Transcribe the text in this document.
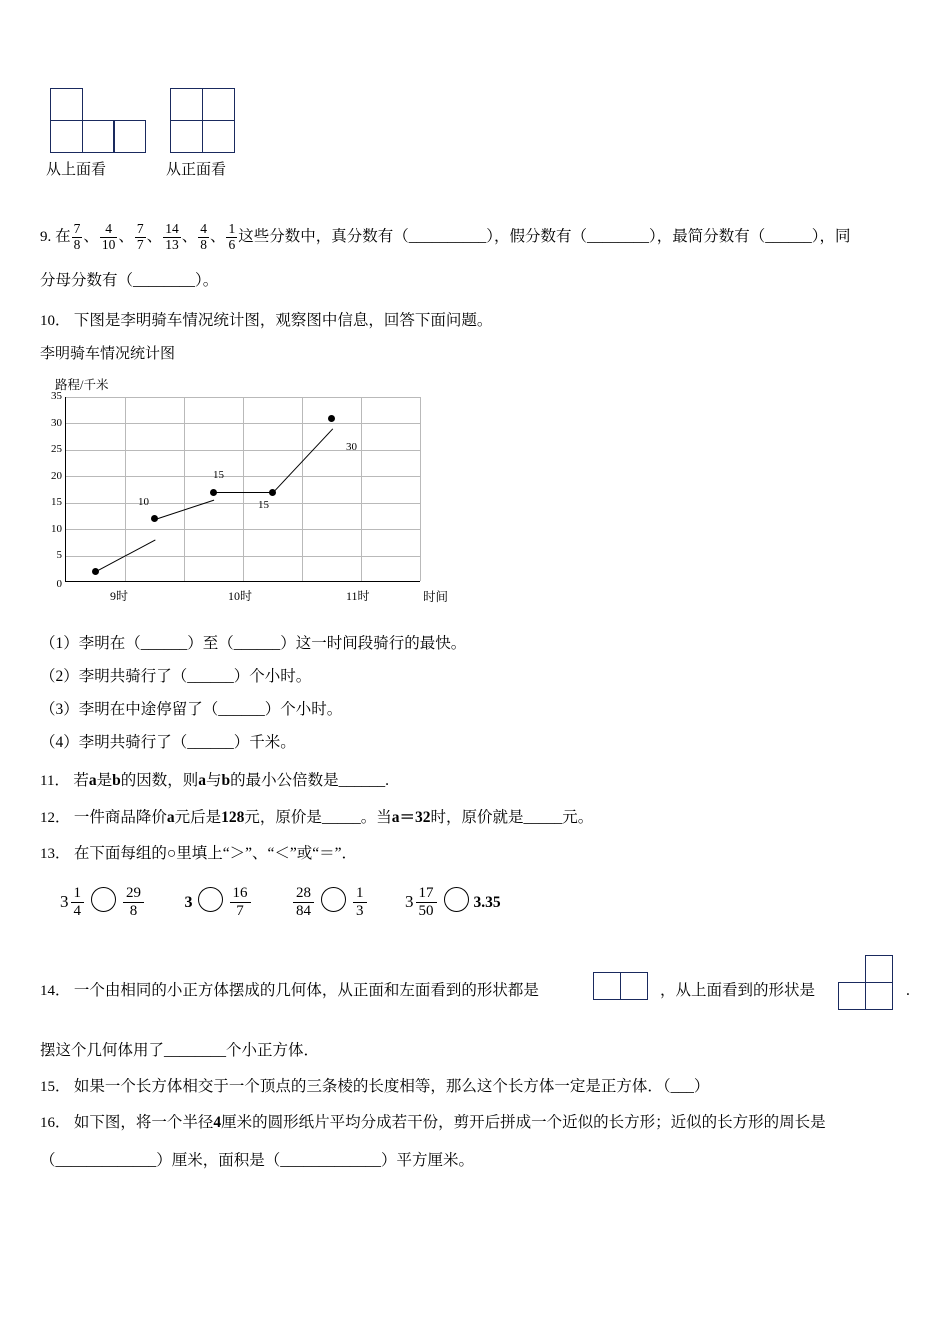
从上面看	从正面看
9. 在 $\frac{7}{8}$ 、 $\frac{4}{10}$ 、 $\frac{7}{7}$ 、 $\frac{14}{13}$ 、 $\frac{4}{8}$ 、 $\frac{1}{6}$ 这些分数中，真分数有（__________），假分数有（________），最简分数有（______），同
分母分数有（________）。
10． 下图是李明骑车情况统计图，观察图中信息，回答下面问题。
李明骑车情况统计图
路程/千米
10
15
15
30
35
30
25
20
15
10
5
0
9时	10时	11时	时间
（1）李明在（______）至（______）这一时间段骑行的最快。
（2）李明共骑行了（______）个小时。
（3）李明在中途停留了（______）个小时。
（4）李明共骑行了（______）千米。
11． 若a是b的因数，则a与b的最小公倍数是______.
12． 一件商品降价a元后是128元，原价是_____。当a＝32时，原价就是_____元。
13． 在下面每组的○里填上“＞”、“＜”或“＝”．
$3 \frac{1}{4}$	$\frac{29}{8}$	$3 \frac{16}{7}$
	$\frac{28}{84}$	$\frac{1}{3} 3 \frac{17}{50} 3.35$
14． 一个由相同的小正方体摆成的几何体，从正面和左面看到的形状都是	，从上面看到的形状是	.
摆这个几何体用了________个小正方体．
15． 如果一个长方体相交于一个顶点的三条棱的长度相等，那么这个长方体一定是正方体．（___）
16． 如下图，将一个半径4厘米的圆形纸片平均分成若干份，剪开后拼成一个近似的长方形；近似的长方形的周长是
（_____________）厘米，面积是（_____________）平方厘米。
